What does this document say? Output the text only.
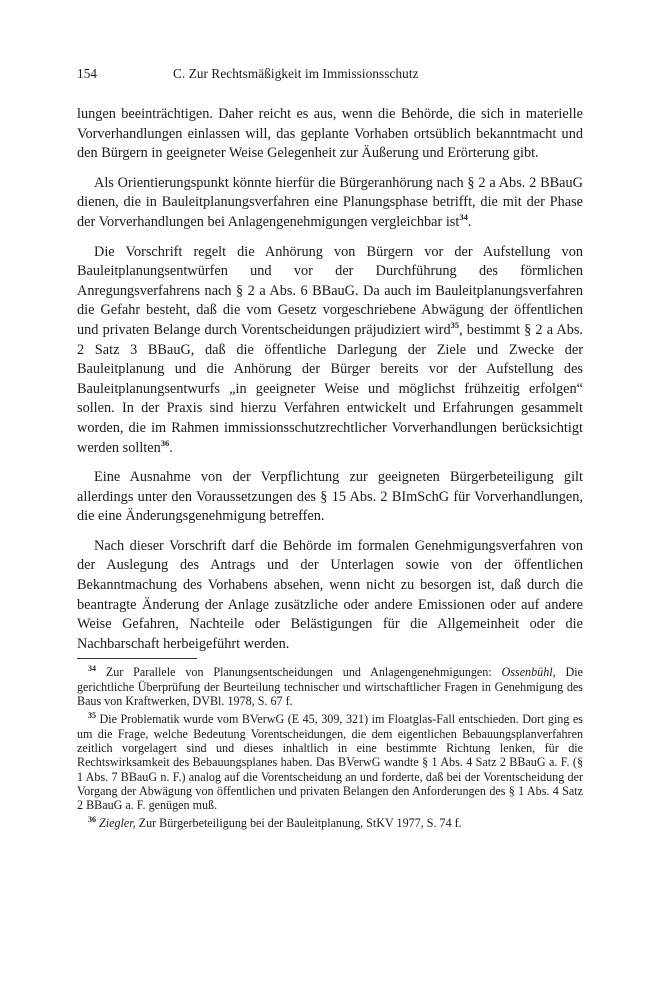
154	C. Zur Rechtsmäßigkeit im Immissionsschutz

lungen beeinträchtigen. Daher reicht es aus, wenn die Behörde, die sich in materielle Vorverhandlungen einlassen will, das geplante Vorhaben ortsüblich bekanntmacht und den Bürgern in geeigneter Weise Gelegenheit zur Äußerung und Erörterung gibt.

Als Orientierungspunkt könnte hierfür die Bürgeranhörung nach § 2 a Abs. 2 BBauG dienen, die in Bauleitplanungsverfahren eine Planungsphase betrifft, die mit der Phase der Vorverhandlungen bei Anlagengenehmigungen vergleichbar ist$^{34}$.

Die Vorschrift regelt die Anhörung von Bürgern vor der Aufstellung von Bauleitplanungsentwürfen und vor der Durchführung des förmlichen Anregungsverfahrens nach § 2 a Abs. 6 BBauG. Da auch im Bauleitplanungsverfahren die Gefahr besteht, daß die vom Gesetz vorgeschriebene Abwägung der öffentlichen und privaten Belange durch Vorentscheidungen präjudiziert wird$^{35}$, bestimmt § 2 a Abs. 2 Satz 3 BBauG, daß die öffentliche Darlegung der Ziele und Zwecke der Bauleitplanung und die Anhörung der Bürger bereits vor der Aufstellung des Bauleitplanungsentwurfs „in geeigneter Weise und möglichst frühzeitig erfolgen“ sollen. In der Praxis sind hierzu Verfahren entwickelt und Erfahrungen gesammelt worden, die im Rahmen immissionsschutzrechtlicher Vorverhandlungen berücksichtigt werden sollten$^{36}$.

Eine Ausnahme von der Verpflichtung zur geeigneten Bürgerbeteiligung gilt allerdings unter den Voraussetzungen des § 15 Abs. 2 BImSchG für Vorverhandlungen, die eine Änderungsgenehmigung betreffen.

Nach dieser Vorschrift darf die Behörde im formalen Genehmigungsverfahren von der Auslegung des Antrags und der Unterlagen sowie von der öffentlichen Bekanntmachung des Vorhabens absehen, wenn nicht zu besorgen ist, daß durch die beantragte Änderung der Anlage zusätzliche oder andere Emissionen oder auf andere Weise Gefahren, Nachteile oder Belästigungen für die Allgemeinheit oder die Nachbarschaft herbeigeführt werden.

$^{34}$ Zur Parallele von Planungsentscheidungen und Anlagengenehmigungen: Ossenbühl, Die gerichtliche Überprüfung der Beurteilung technischer und wirtschaftlicher Fragen in Genehmigung des Baus von Kraftwerken, DVBl. 1978, S. 67 f.
$^{35}$ Die Problematik wurde vom BVerwG (E 45, 309, 321) im Floatglas-Fall entschieden. Dort ging es um die Frage, welche Bedeutung Vorentscheidungen, die dem eigentlichen Bebauungsplanverfahren zeitlich vorgelagert sind und dieses inhaltlich in eine bestimmte Richtung lenken, für die Rechtswirksamkeit des Bebauungsplanes haben. Das BVerwG wandte § 1 Abs. 4 Satz 2 BBauG a. F. (§ 1 Abs. 7 BBauG n. F.) analog auf die Vorentscheidung an und forderte, daß bei der Vorentscheidung der Vorgang der Abwägung von öffentlichen und privaten Belangen den Anforderungen des § 1 Abs. 4 Satz 2 BBauG a. F. genügen muß.
$^{36}$ Ziegler, Zur Bürgerbeteiligung bei der Bauleitplanung, StKV 1977, S. 74 f.
